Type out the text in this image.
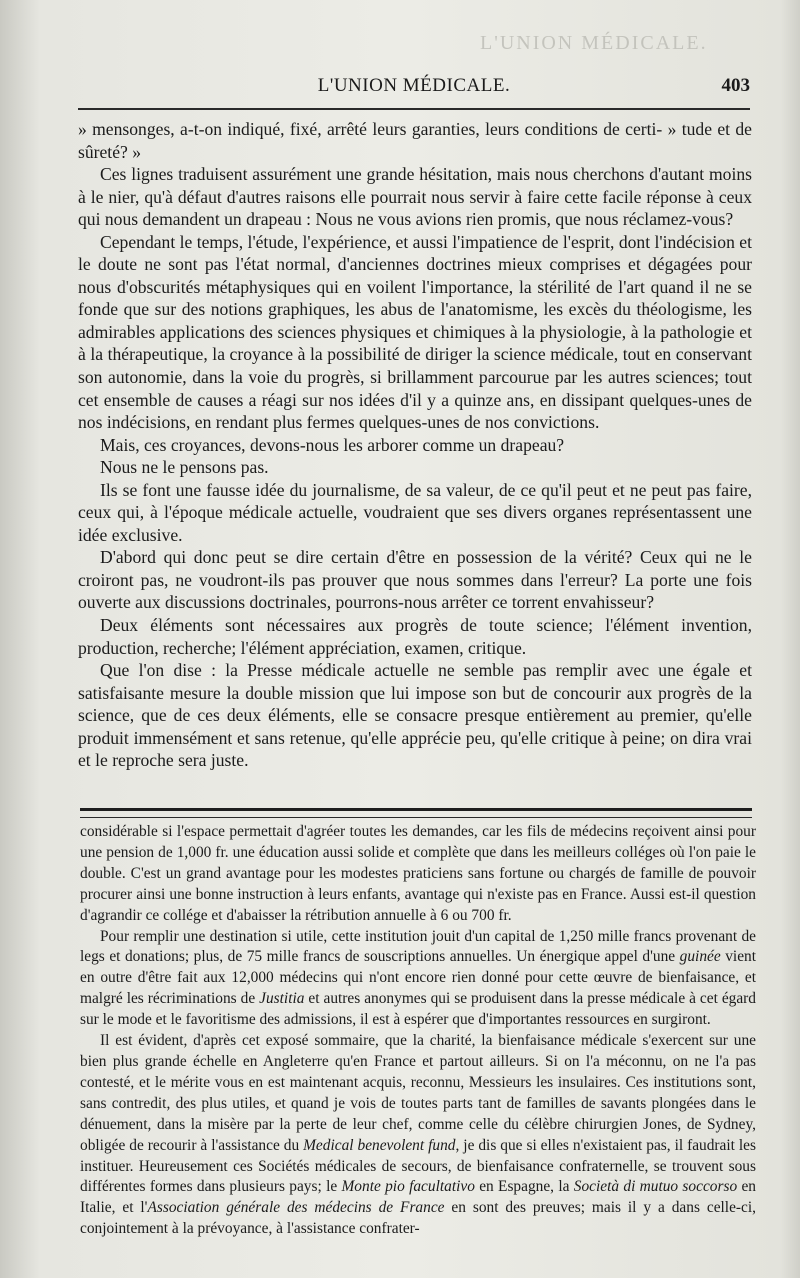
L'UNION MÉDICALE.
L'UNION MÉDICALE.	403

» mensonges, a-t-on indiqué, fixé, arrêté leurs garanties, leurs conditions de certi- » tude et de sûreté? »

Ces lignes traduisent assurément une grande hésitation, mais nous cherchons d'autant moins à le nier, qu'à défaut d'autres raisons elle pourrait nous servir à faire cette facile réponse à ceux qui nous demandent un drapeau : Nous ne vous avions rien promis, que nous réclamez-vous?

Cependant le temps, l'étude, l'expérience, et aussi l'impatience de l'esprit, dont l'indécision et le doute ne sont pas l'état normal, d'anciennes doctrines mieux comprises et dégagées pour nous d'obscurités métaphysiques qui en voilent l'importance, la stérilité de l'art quand il ne se fonde que sur des notions graphiques, les abus de l'anatomisme, les excès du théologisme, les admirables applications des sciences physiques et chimiques à la physiologie, à la pathologie et à la thérapeutique, la croyance à la possibilité de diriger la science médicale, tout en conservant son autonomie, dans la voie du progrès, si brillamment parcourue par les autres sciences; tout cet ensemble de causes a réagi sur nos idées d'il y a quinze ans, en dissipant quelques-unes de nos indécisions, en rendant plus fermes quelques-unes de nos convictions.

Mais, ces croyances, devons-nous les arborer comme un drapeau?

Nous ne le pensons pas.

Ils se font une fausse idée du journalisme, de sa valeur, de ce qu'il peut et ne peut pas faire, ceux qui, à l'époque médicale actuelle, voudraient que ses divers organes représentassent une idée exclusive.

D'abord qui donc peut se dire certain d'être en possession de la vérité? Ceux qui ne le croiront pas, ne voudront-ils pas prouver que nous sommes dans l'erreur? La porte une fois ouverte aux discussions doctrinales, pourrons-nous arrêter ce torrent envahisseur?

Deux éléments sont nécessaires aux progrès de toute science; l'élément invention, production, recherche; l'élément appréciation, examen, critique.

Que l'on dise : la Presse médicale actuelle ne semble pas remplir avec une égale et satisfaisante mesure la double mission que lui impose son but de concourir aux progrès de la science, que de ces deux éléments, elle se consacre presque entièrement au premier, qu'elle produit immensément et sans retenue, qu'elle apprécie peu, qu'elle critique à peine; on dira vrai et le reproche sera juste.

considérable si l'espace permettait d'agréer toutes les demandes, car les fils de médecins reçoivent ainsi pour une pension de 1,000 fr. une éducation aussi solide et complète que dans les meilleurs colléges où l'on paie le double. C'est un grand avantage pour les modestes praticiens sans fortune ou chargés de famille de pouvoir procurer ainsi une bonne instruction à leurs enfants, avantage qui n'existe pas en France. Aussi est-il question d'agrandir ce collége et d'abaisser la rétribution annuelle à 6 ou 700 fr.

Pour remplir une destination si utile, cette institution jouit d'un capital de 1,250 mille francs provenant de legs et donations; plus, de 75 mille francs de souscriptions annuelles. Un énergique appel d'une guinée vient en outre d'être fait aux 12,000 médecins qui n'ont encore rien donné pour cette œuvre de bienfaisance, et malgré les récriminations de Justitia et autres anonymes qui se produisent dans la presse médicale à cet égard sur le mode et le favoritisme des admissions, il est à espérer que d'importantes ressources en surgiront.

Il est évident, d'après cet exposé sommaire, que la charité, la bienfaisance médicale s'exercent sur une bien plus grande échelle en Angleterre qu'en France et partout ailleurs. Si on l'a méconnu, on ne l'a pas contesté, et le mérite vous en est maintenant acquis, reconnu, Messieurs les insulaires. Ces institutions sont, sans contredit, des plus utiles, et quand je vois de toutes parts tant de familles de savants plongées dans le dénuement, dans la misère par la perte de leur chef, comme celle du célèbre chirurgien Jones, de Sydney, obligée de recourir à l'assistance du Medical benevolent fund, je dis que si elles n'existaient pas, il faudrait les instituer. Heureusement ces Sociétés médicales de secours, de bienfaisance confraternelle, se trouvent sous différentes formes dans plusieurs pays; le Monte pio facultativo en Espagne, la Società di mutuo soccorso en Italie, et l'Association générale des médecins de France en sont des preuves; mais il y a dans celle-ci, conjointement à la prévoyance, à l'assistance confrater-
